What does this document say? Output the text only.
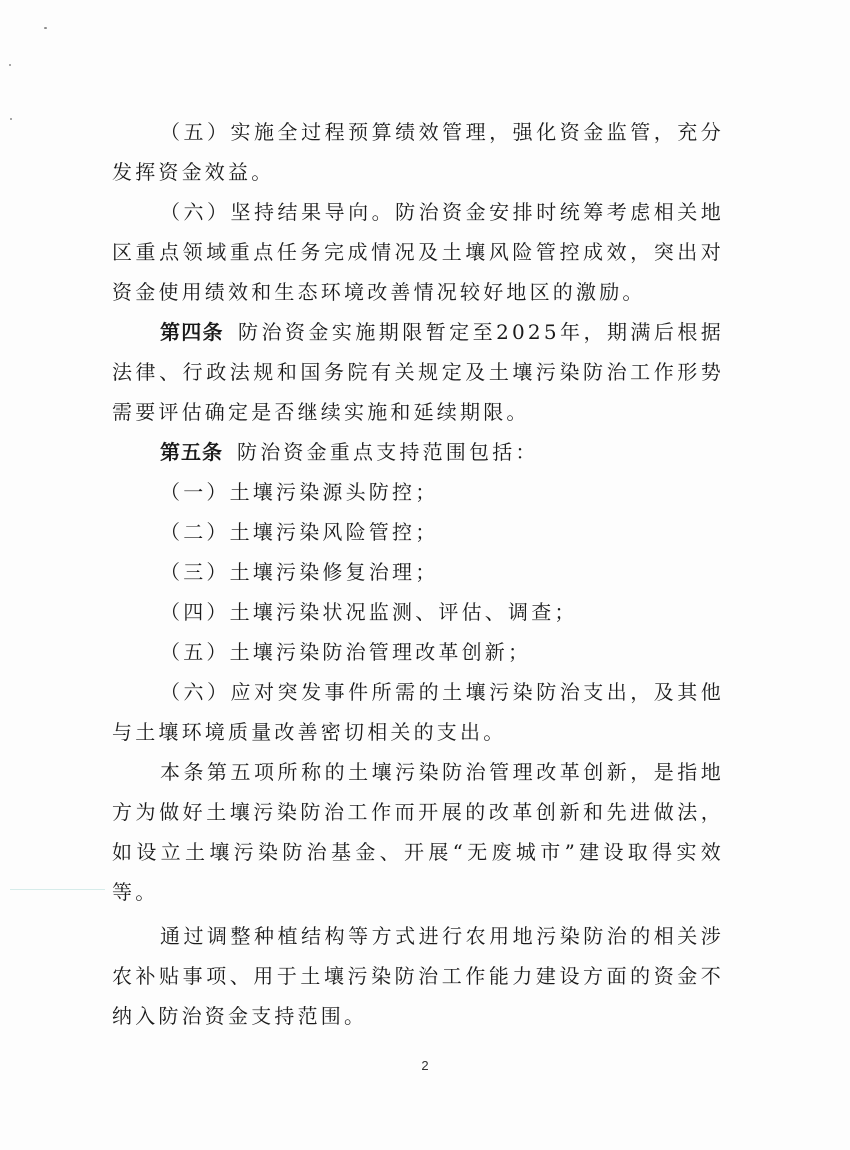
（五）实施全过程预算绩效管理，强化资金监管，充分发挥资金效益。

（六）坚持结果导向。防治资金安排时统筹考虑相关地区重点领域重点任务完成情况及土壤风险管控成效，突出对资金使用绩效和生态环境改善情况较好地区的激励。

第四条 防治资金实施期限暂定至2025年，期满后根据法律、行政法规和国务院有关规定及土壤污染防治工作形势需要评估确定是否继续实施和延续期限。

第五条 防治资金重点支持范围包括：

（一）土壤污染源头防控；

（二）土壤污染风险管控；

（三）土壤污染修复治理；

（四）土壤污染状况监测、评估、调查；

（五）土壤污染防治管理改革创新；

（六）应对突发事件所需的土壤污染防治支出，及其他与土壤环境质量改善密切相关的支出。

本条第五项所称的土壤污染防治管理改革创新，是指地方为做好土壤污染防治工作而开展的改革创新和先进做法，如设立土壤污染防治基金、开展“无废城市”建设取得实效等。

通过调整种植结构等方式进行农用地污染防治的相关涉农补贴事项、用于土壤污染防治工作能力建设方面的资金不纳入防治资金支持范围。

2
